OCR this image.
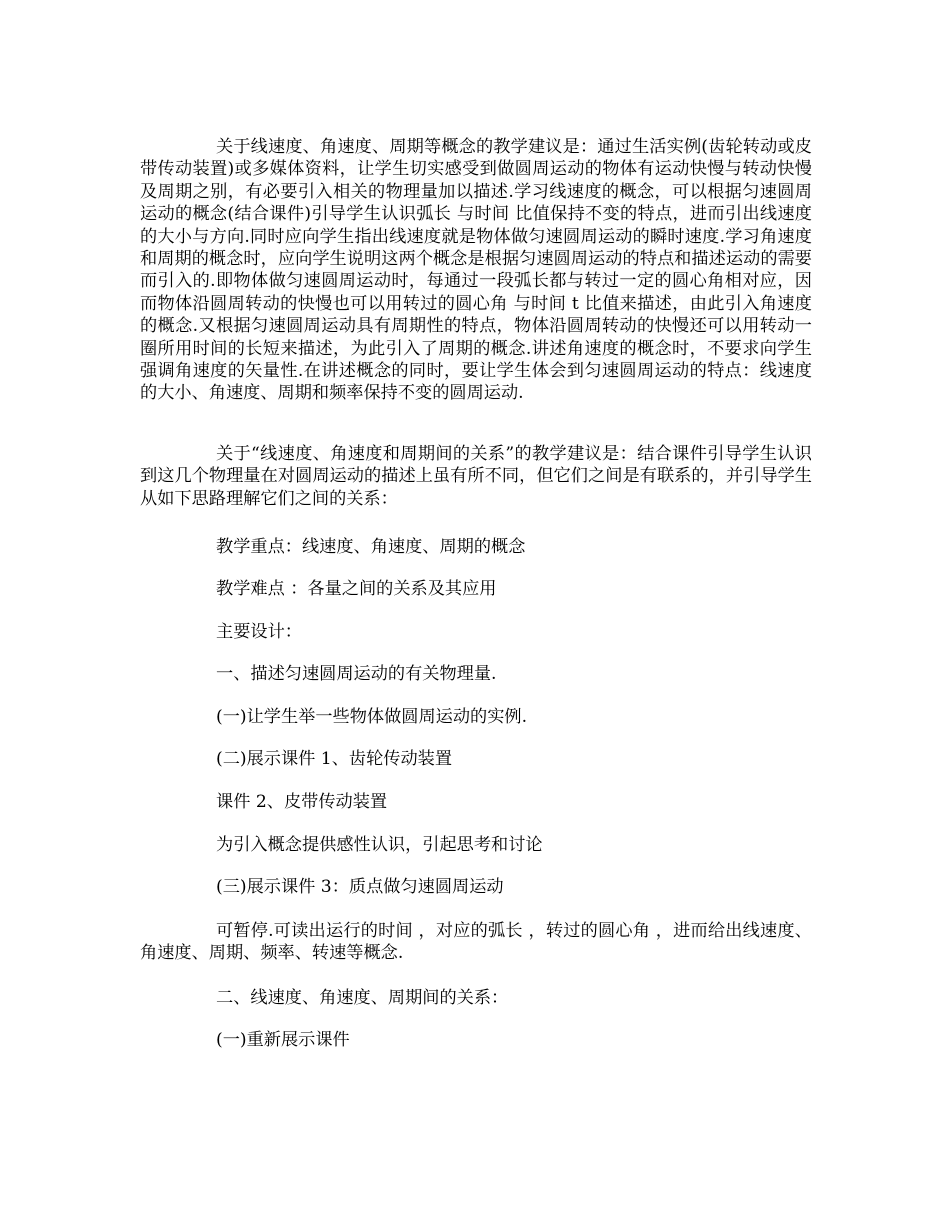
关于线速度、角速度、周期等概念的教学建议是：通过生活实例(齿轮转动或皮带传动装置)或多媒体资料，让学生切实感受到做圆周运动的物体有运动快慢与转动快慢及周期之别，有必要引入相关的物理量加以描述.学习线速度的概念，可以根据匀速圆周运动的概念(结合课件)引导学生认识弧长 与时间 比值保持不变的特点，进而引出线速度的大小与方向.同时应向学生指出线速度就是物体做匀速圆周运动的瞬时速度.学习角速度和周期的概念时，应向学生说明这两个概念是根据匀速圆周运动的特点和描述运动的需要而引入的.即物体做匀速圆周运动时，每通过一段弧长都与转过一定的圆心角相对应，因而物体沿圆周转动的快慢也可以用转过的圆心角 与时间 t 比值来描述，由此引入角速度的概念.又根据匀速圆周运动具有周期性的特点，物体沿圆周转动的快慢还可以用转动一圈所用时间的长短来描述，为此引入了周期的概念.讲述角速度的概念时，不要求向学生强调角速度的矢量性.在讲述概念的同时，要让学生体会到匀速圆周运动的特点：线速度的大小、角速度、周期和频率保持不变的圆周运动.

关于“线速度、角速度和周期间的关系”的教学建议是：结合课件引导学生认识到这几个物理量在对圆周运动的描述上虽有所不同，但它们之间是有联系的，并引导学生从如下思路理解它们之间的关系：

教学重点：线速度、角速度、周期的概念

教学难点 ：各量之间的关系及其应用

主要设计：

一、描述匀速圆周运动的有关物理量.

(一)让学生举一些物体做圆周运动的实例.

(二)展示课件 1、齿轮传动装置

课件 2、皮带传动装置

为引入概念提供感性认识，引起思考和讨论

(三)展示课件 3：质点做匀速圆周运动

可暂停.可读出运行的时间 ，对应的弧长 ，转过的圆心角 ，进而给出线速度、角速度、周期、频率、转速等概念.

二、线速度、角速度、周期间的关系：

(一)重新展示课件
